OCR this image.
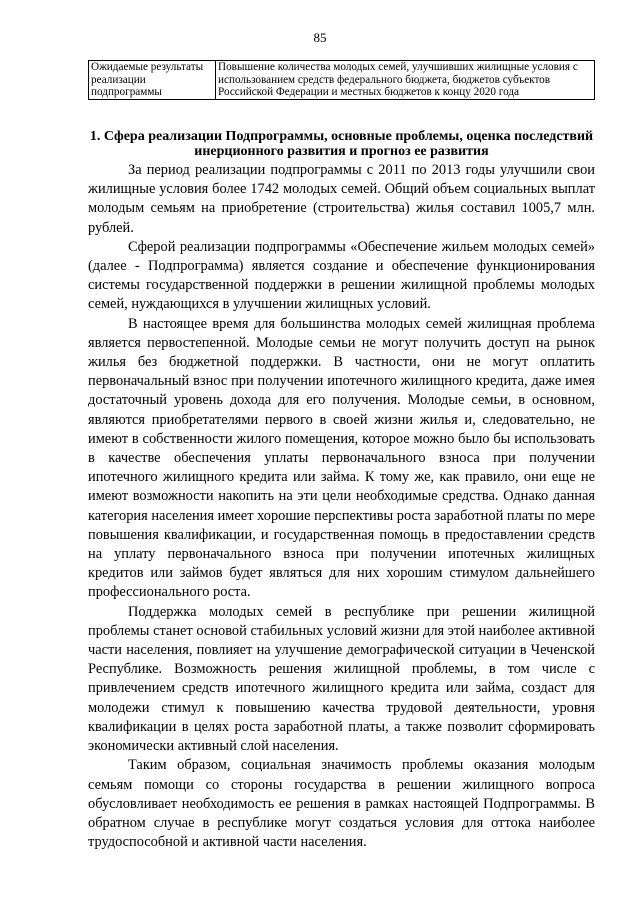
85
Ожидаемые результаты реализации подпрограммы	Повышение количества молодых семей, улучшивших жилищные условия с использованием средств федерального бюджета, бюджетов субъектов Российской Федерации и местных бюджетов к концу 2020 года
1. Сфера реализации Подпрограммы, основные проблемы, оценка последствий инерционного развития и прогноз ее развития

За период реализации подпрограммы с 2011 по 2013 годы улучшили свои жилищные условия более 1742 молодых семей. Общий объем социальных выплат молодым семьям на приобретение (строительства) жилья составил 1005,7 млн. рублей.

Сферой реализации подпрограммы «Обеспечение жильем молодых семей» (далее - Подпрограмма) является создание и обеспечение функционирования системы государственной поддержки в решении жилищной проблемы молодых семей, нуждающихся в улучшении жилищных условий.

В настоящее время для большинства молодых семей жилищная проблема является первостепенной. Молодые семьи не могут получить доступ на рынок жилья без бюджетной поддержки. В частности, они не могут оплатить первоначальный взнос при получении ипотечного жилищного кредита, даже имея достаточный уровень дохода для его получения. Молодые семьи, в основном, являются приобретателями первого в своей жизни жилья и, следовательно, не имеют в собственности жилого помещения, которое можно было бы использовать в качестве обеспечения уплаты первоначального взноса при получении ипотечного жилищного кредита или займа. К тому же, как правило, они еще не имеют возможности накопить на эти цели необходимые средства. Однако данная категория населения имеет хорошие перспективы роста заработной платы по мере повышения квалификации, и государственная помощь в предоставлении средств на уплату первоначального взноса при получении ипотечных жилищных кредитов или займов будет являться для них хорошим стимулом дальнейшего профессионального роста.

Поддержка молодых семей в республике при решении жилищной проблемы станет основой стабильных условий жизни для этой наиболее активной части населения, повлияет на улучшение демографической ситуации в Чеченской Республике. Возможность решения жилищной проблемы, в том числе с привлечением средств ипотечного жилищного кредита или займа, создаст для молодежи стимул к повышению качества трудовой деятельности, уровня квалификации в целях роста заработной платы, а также позволит сформировать экономически активный слой населения.

Таким образом, социальная значимость проблемы оказания молодым семьям помощи со стороны государства в решении жилищного вопроса обусловливает необходимость ее решения в рамках настоящей Подпрограммы. В обратном случае в республике могут создаться условия для оттока наиболее трудоспособной и активной части населения.
